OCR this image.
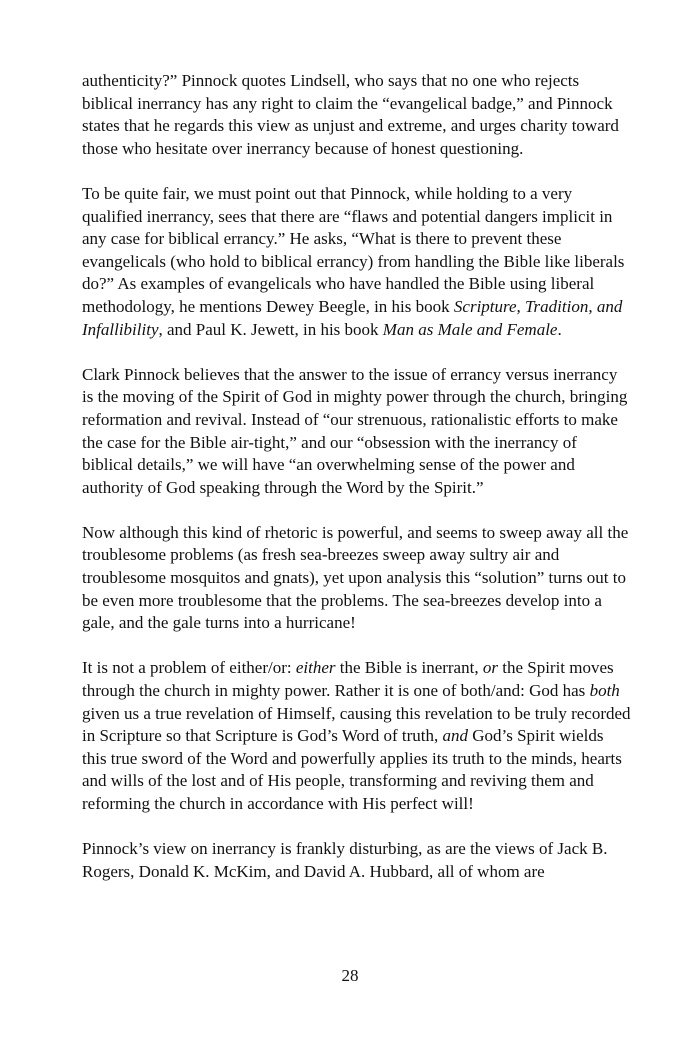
authenticity?” Pinnock quotes Lindsell, who says that no one who rejects biblical inerrancy has any right to claim the “evangelical badge,” and Pinnock states that he regards this view as unjust and extreme, and urges charity toward those who hesitate over inerrancy because of honest questioning.

To be quite fair, we must point out that Pinnock, while holding to a very qualified inerrancy, sees that there are “flaws and potential dangers implicit in any case for biblical errancy.” He asks, “What is there to prevent these evangelicals (who hold to biblical errancy) from handling the Bible like liberals do?” As examples of evangelicals who have handled the Bible using liberal methodology, he mentions Dewey Beegle, in his book Scripture, Tradition, and Infallibility, and Paul K. Jewett, in his book Man as Male and Female.

Clark Pinnock believes that the answer to the issue of errancy versus inerrancy is the moving of the Spirit of God in mighty power through the church, bringing reformation and revival. Instead of “our strenuous, rationalistic efforts to make the case for the Bible air-tight,” and our “obsession with the inerrancy of biblical details,” we will have “an overwhelming sense of the power and authority of God speaking through the Word by the Spirit.”

Now although this kind of rhetoric is powerful, and seems to sweep away all the troublesome problems (as fresh sea-breezes sweep away sultry air and troublesome mosquitos and gnats), yet upon analysis this “solution” turns out to be even more troublesome that the problems. The sea-breezes develop into a gale, and the gale turns into a hurricane!

It is not a problem of either/or: either the Bible is inerrant, or the Spirit moves through the church in mighty power. Rather it is one of both/and: God has both given us a true revelation of Himself, causing this revelation to be truly recorded in Scripture so that Scripture is God’s Word of truth, and God’s Spirit wields this true sword of the Word and powerfully applies its truth to the minds, hearts and wills of the lost and of His people, transforming and reviving them and reforming the church in accordance with His perfect will!

Pinnock’s view on inerrancy is frankly disturbing, as are the views of Jack B. Rogers, Donald K. McKim, and David A. Hubbard, all of whom are

28
